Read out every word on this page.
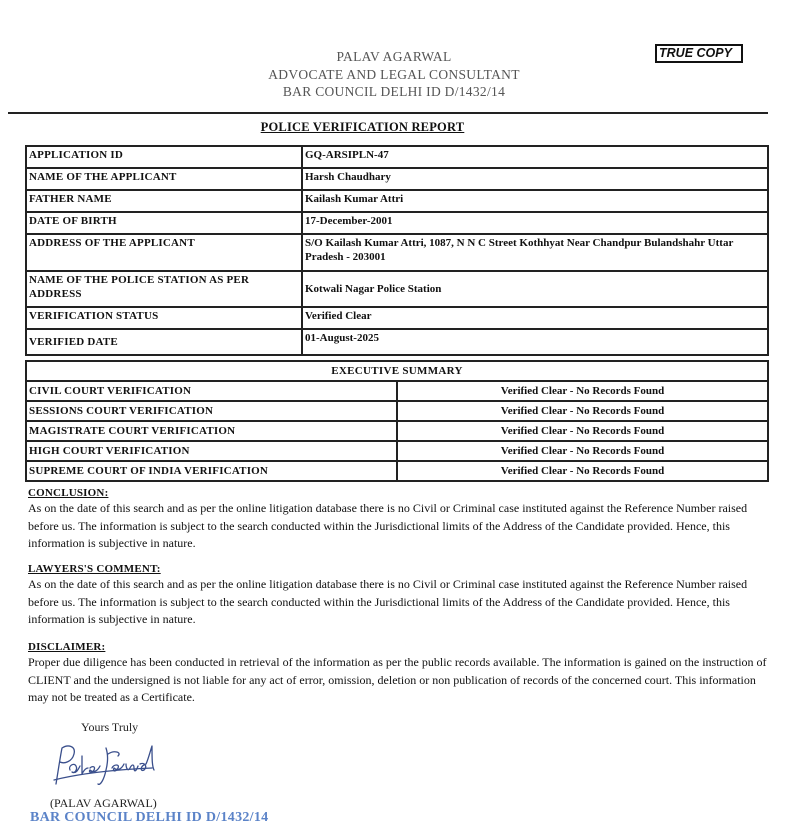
PALAV AGARWAL
ADVOCATE AND LEGAL CONSULTANT
BAR COUNCIL DELHI ID D/1432/14
TRUE COPY
POLICE VERIFICATION REPORT
APPLICATION ID	GQ-ARSIPLN-47
NAME OF THE APPLICANT	Harsh Chaudhary
FATHER NAME	Kailash Kumar Attri
DATE OF BIRTH	17-December-2001
ADDRESS OF THE APPLICANT	S/O Kailash Kumar Attri, 1087, N N C Street Kothhyat Near Chandpur Bulandshahr Uttar Pradesh - 203001
NAME OF THE POLICE STATION AS PER ADDRESS	Kotwali Nagar Police Station
VERIFICATION STATUS	Verified Clear
VERIFIED DATE	01-August-2025
EXECUTIVE SUMMARY	
CIVIL COURT VERIFICATION	Verified Clear - No Records Found
SESSIONS COURT VERIFICATION	Verified Clear - No Records Found
MAGISTRATE COURT VERIFICATION	Verified Clear - No Records Found
HIGH COURT VERIFICATION	Verified Clear - No Records Found
SUPREME COURT OF INDIA VERIFICATION	Verified Clear - No Records Found
CONCLUSION:
As on the date of this search and as per the online litigation database there is no Civil or Criminal case instituted against the Reference Number raised before us. The information is subject to the search conducted within the Jurisdictional limits of the Address of the Candidate provided. Hence, this information is subjective in nature.
LAWYERS'S COMMENT:
As on the date of this search and as per the online litigation database there is no Civil or Criminal case instituted against the Reference Number raised before us. The information is subject to the search conducted within the Jurisdictional limits of the Address of the Candidate provided. Hence, this information is subjective in nature.
DISCLAIMER:
Proper due diligence has been conducted in retrieval of the information as per the public records available. The information is gained on the instruction of CLIENT and the undersigned is not liable for any act of error, omission, deletion or non publication of records of the concerned court. This information may not be treated as a Certificate.
Yours Truly
(PALAV AGARWAL)
BAR COUNCIL DELHI ID D/1432/14
